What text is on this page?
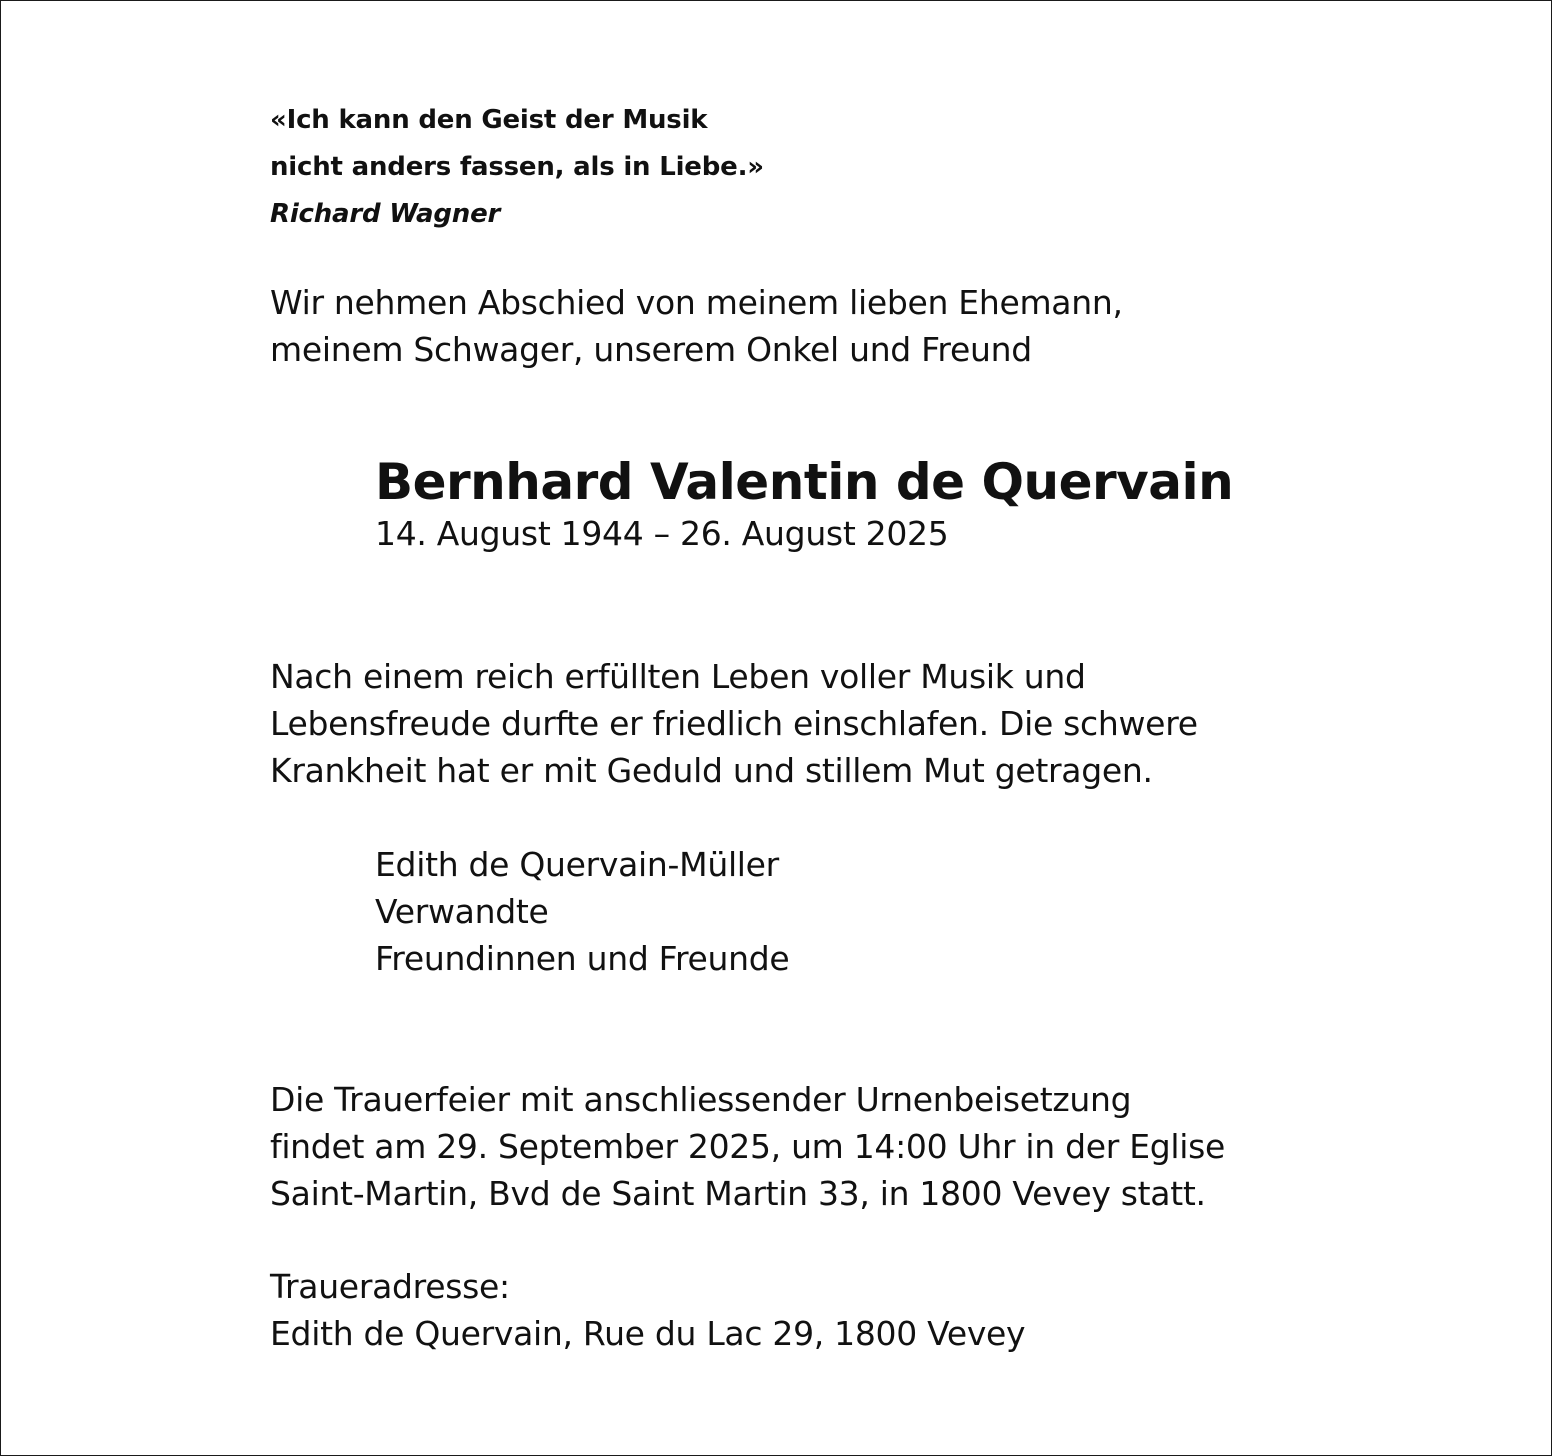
«Ich kann den Geist der Musik
nicht anders fassen, als in Liebe.»
Richard Wagner
Wir nehmen Abschied von meinem lieben Ehemann,
meinem Schwager, unserem Onkel und Freund
Bernhard Valentin de Quervain
14. August 1944 – 26. August 2025
Nach einem reich erfüllten Leben voller Musik und
Lebensfreude durfte er friedlich einschlafen. Die schwere
Krankheit hat er mit Geduld und stillem Mut getragen.
Edith de Quervain-Müller
Verwandte
Freundinnen und Freunde
Die Trauerfeier mit anschliessender Urnenbeisetzung
findet am 29. September 2025, um 14:00 Uhr in der Eglise
Saint-Martin, Bvd de Saint Martin 33, in 1800 Vevey statt.
Traueradresse:
Edith de Quervain, Rue du Lac 29, 1800 Vevey
